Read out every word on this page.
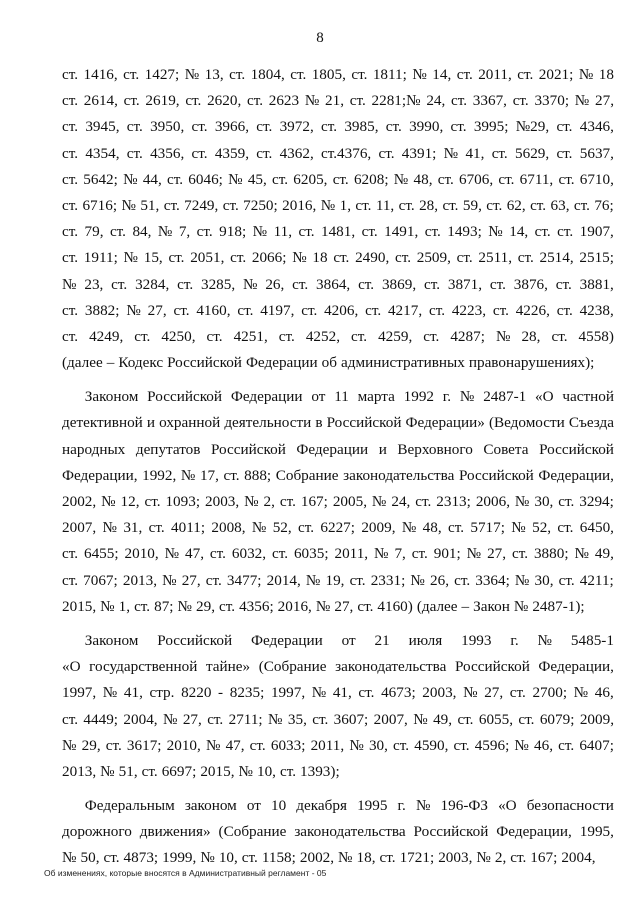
8
ст. 1416, ст. 1427; № 13, ст. 1804, ст. 1805, ст. 1811; № 14, ст. 2011, ст. 2021; № 18
ст. 2614, ст. 2619, ст. 2620, ст. 2623 № 21, ст. 2281;№ 24, ст. 3367, ст. 3370; № 27,
ст. 3945, ст. 3950, ст. 3966, ст. 3972, ст. 3985, ст. 3990, ст. 3995; №29, ст. 4346,
ст. 4354, ст. 4356, ст. 4359, ст. 4362, ст.4376, ст. 4391; № 41, ст. 5629, ст. 5637,
ст. 5642; № 44, ст. 6046; № 45, ст. 6205, ст. 6208; № 48, ст. 6706, ст. 6711, ст. 6710,
ст. 6716; № 51, ст. 7249, ст. 7250; 2016, № 1, ст. 11, ст. 28, ст. 59, ст. 62, ст. 63, ст. 76;
ст. 79, ст. 84, № 7, ст. 918; № 11, ст. 1481, ст. 1491, ст. 1493; № 14, ст. ст. 1907,
ст. 1911; № 15, ст. 2051, ст. 2066; № 18 ст. 2490, ст. 2509, ст. 2511, ст. 2514, 2515;
№ 23, ст. 3284, ст. 3285, № 26, ст. 3864, ст. 3869, ст. 3871, ст. 3876, ст. 3881,
ст. 3882; № 27, ст. 4160, ст. 4197, ст. 4206, ст. 4217, ст. 4223, ст. 4226, ст. 4238,
ст. 4249, ст. 4250, ст. 4251, ст. 4252, ст. 4259, ст. 4287; № 28, ст. 4558)
(далее – Кодекс Российской Федерации об административных правонарушениях);
Законом Российской Федерации от 11 марта 1992 г. № 2487-1 «О частной
детективной и охранной деятельности в Российской Федерации» (Ведомости Съезда
народных депутатов Российской Федерации и Верховного Совета Российской
Федерации, 1992, № 17, ст. 888; Собрание законодательства Российской Федерации,
2002, № 12, ст. 1093; 2003, № 2, ст. 167; 2005, № 24, ст. 2313; 2006, № 30, ст. 3294;
2007, № 31, ст. 4011; 2008, № 52, ст. 6227; 2009, № 48, ст. 5717; № 52, ст. 6450,
ст. 6455; 2010, № 47, ст. 6032, ст. 6035; 2011, № 7, ст. 901; № 27, ст. 3880; № 49,
ст. 7067; 2013, № 27, ст. 3477; 2014, № 19, ст. 2331; № 26, ст. 3364; № 30, ст. 4211;
2015, № 1, ст. 87; № 29, ст. 4356; 2016, № 27, ст. 4160) (далее – Закон № 2487-1);
Законом Российской Федерации от 21 июля 1993 г. № 5485-1
«О государственной тайне» (Собрание законодательства Российской Федерации,
1997, № 41, стр. 8220 - 8235; 1997, № 41, ст. 4673; 2003, № 27, ст. 2700; № 46,
ст. 4449; 2004, № 27, ст. 2711; № 35, ст. 3607; 2007, № 49, ст. 6055, ст. 6079; 2009,
№ 29, ст. 3617; 2010, № 47, ст. 6033; 2011, № 30, ст. 4590, ст. 4596; № 46, ст. 6407;
2013, № 51, ст. 6697; 2015, № 10, ст. 1393);
Федеральным законом от 10 декабря 1995 г. № 196-ФЗ «О безопасности
дорожного движения» (Собрание законодательства Российской Федерации, 1995,
№ 50, ст. 4873; 1999, № 10, ст. 1158; 2002, № 18, ст. 1721; 2003, № 2, ст. 167; 2004,
Об изменениях, которые вносятся в Административный регламент - 05
